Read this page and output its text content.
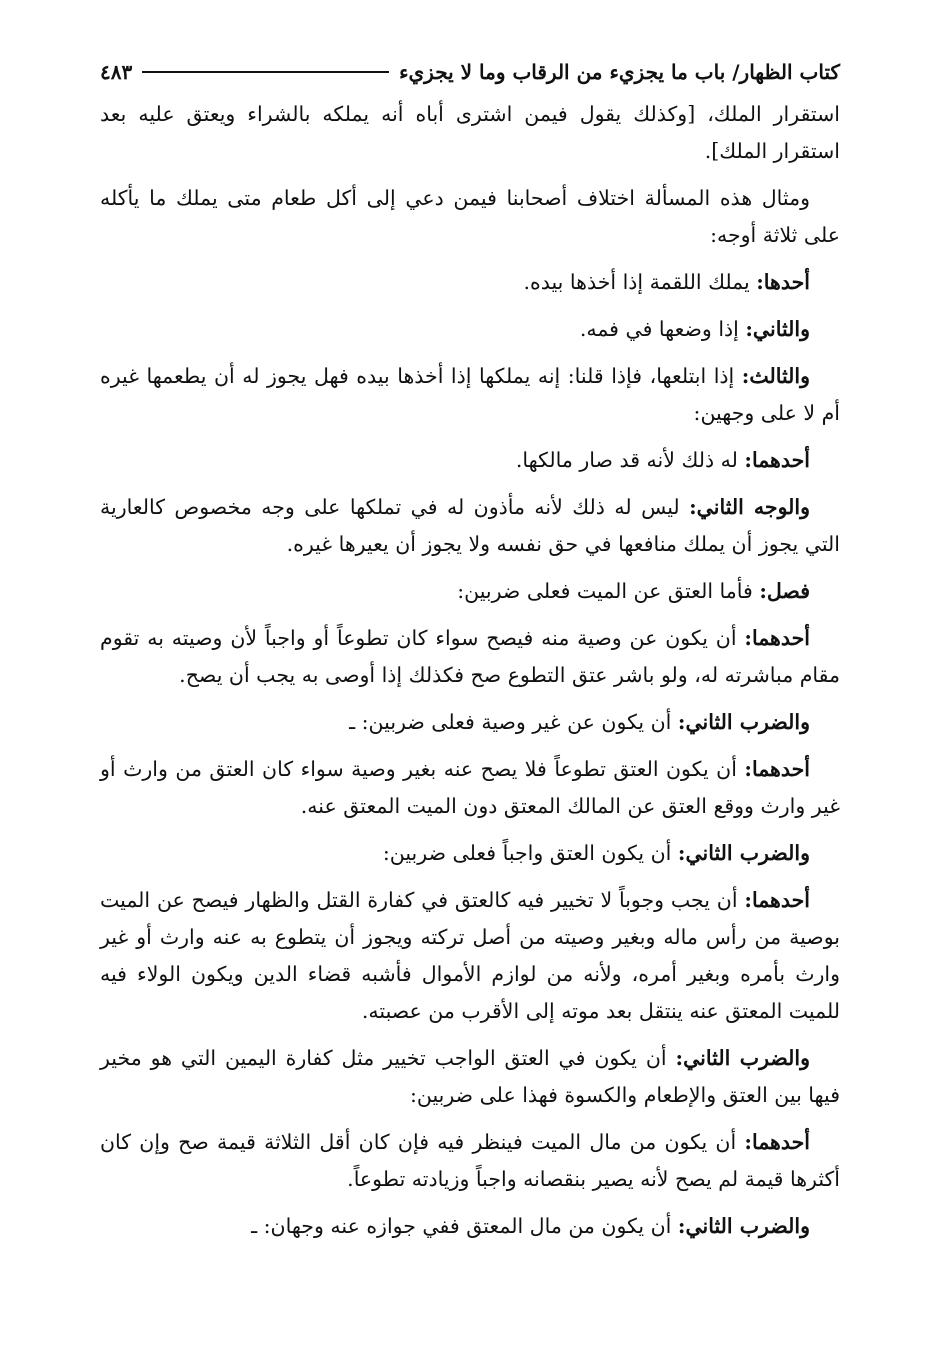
كتاب الظهار/ باب ما يجزيء من الرقاب وما لا يجزيء
٤٨٣

استقرار الملك، [وكذلك يقول فيمن اشترى أباه أنه يملكه بالشراء ويعتق عليه بعد استقرار الملك].

ومثال هذه المسألة اختلاف أصحابنا فيمن دعي إلى أكل طعام متى يملك ما يأكله على ثلاثة أوجه:

أحدها: يملك اللقمة إذا أخذها بيده.

والثاني: إذا وضعها في فمه.

والثالث: إذا ابتلعها، فإذا قلنا: إنه يملكها إذا أخذها بيده فهل يجوز له أن يطعمها غيره أم لا على وجهين:

أحدهما: له ذلك لأنه قد صار مالكها.

والوجه الثاني: ليس له ذلك لأنه مأذون له في تملكها على وجه مخصوص كالعارية التي يجوز أن يملك منافعها في حق نفسه ولا يجوز أن يعيرها غيره.

فصل: فأما العتق عن الميت فعلى ضربين:

أحدهما: أن يكون عن وصية منه فيصح سواء كان تطوعاً أو واجباً لأن وصيته به تقوم مقام مباشرته له، ولو باشر عتق التطوع صح فكذلك إذا أوصى به يجب أن يصح.

والضرب الثاني: أن يكون عن غير وصية فعلى ضربين: ـ

أحدهما: أن يكون العتق تطوعاً فلا يصح عنه بغير وصية سواء كان العتق من وارث أو غير وارث ووقع العتق عن المالك المعتق دون الميت المعتق عنه.

والضرب الثاني: أن يكون العتق واجباً فعلى ضربين:

أحدهما: أن يجب وجوباً لا تخيير فيه كالعتق في كفارة القتل والظهار فيصح عن الميت بوصية من رأس ماله وبغير وصيته من أصل تركته ويجوز أن يتطوع به عنه وارث أو غير وارث بأمره وبغير أمره، ولأنه من لوازم الأموال فأشبه قضاء الدين ويكون الولاء فيه للميت المعتق عنه ينتقل بعد موته إلى الأقرب من عصبته.

والضرب الثاني: أن يكون في العتق الواجب تخيير مثل كفارة اليمين التي هو مخير فيها بين العتق والإطعام والكسوة فهذا على ضربين:

أحدهما: أن يكون من مال الميت فينظر فيه فإن كان أقل الثلاثة قيمة صح وإن كان أكثرها قيمة لم يصح لأنه يصير بنقصانه واجباً وزيادته تطوعاً.

والضرب الثاني: أن يكون من مال المعتق ففي جوازه عنه وجهان: ـ
